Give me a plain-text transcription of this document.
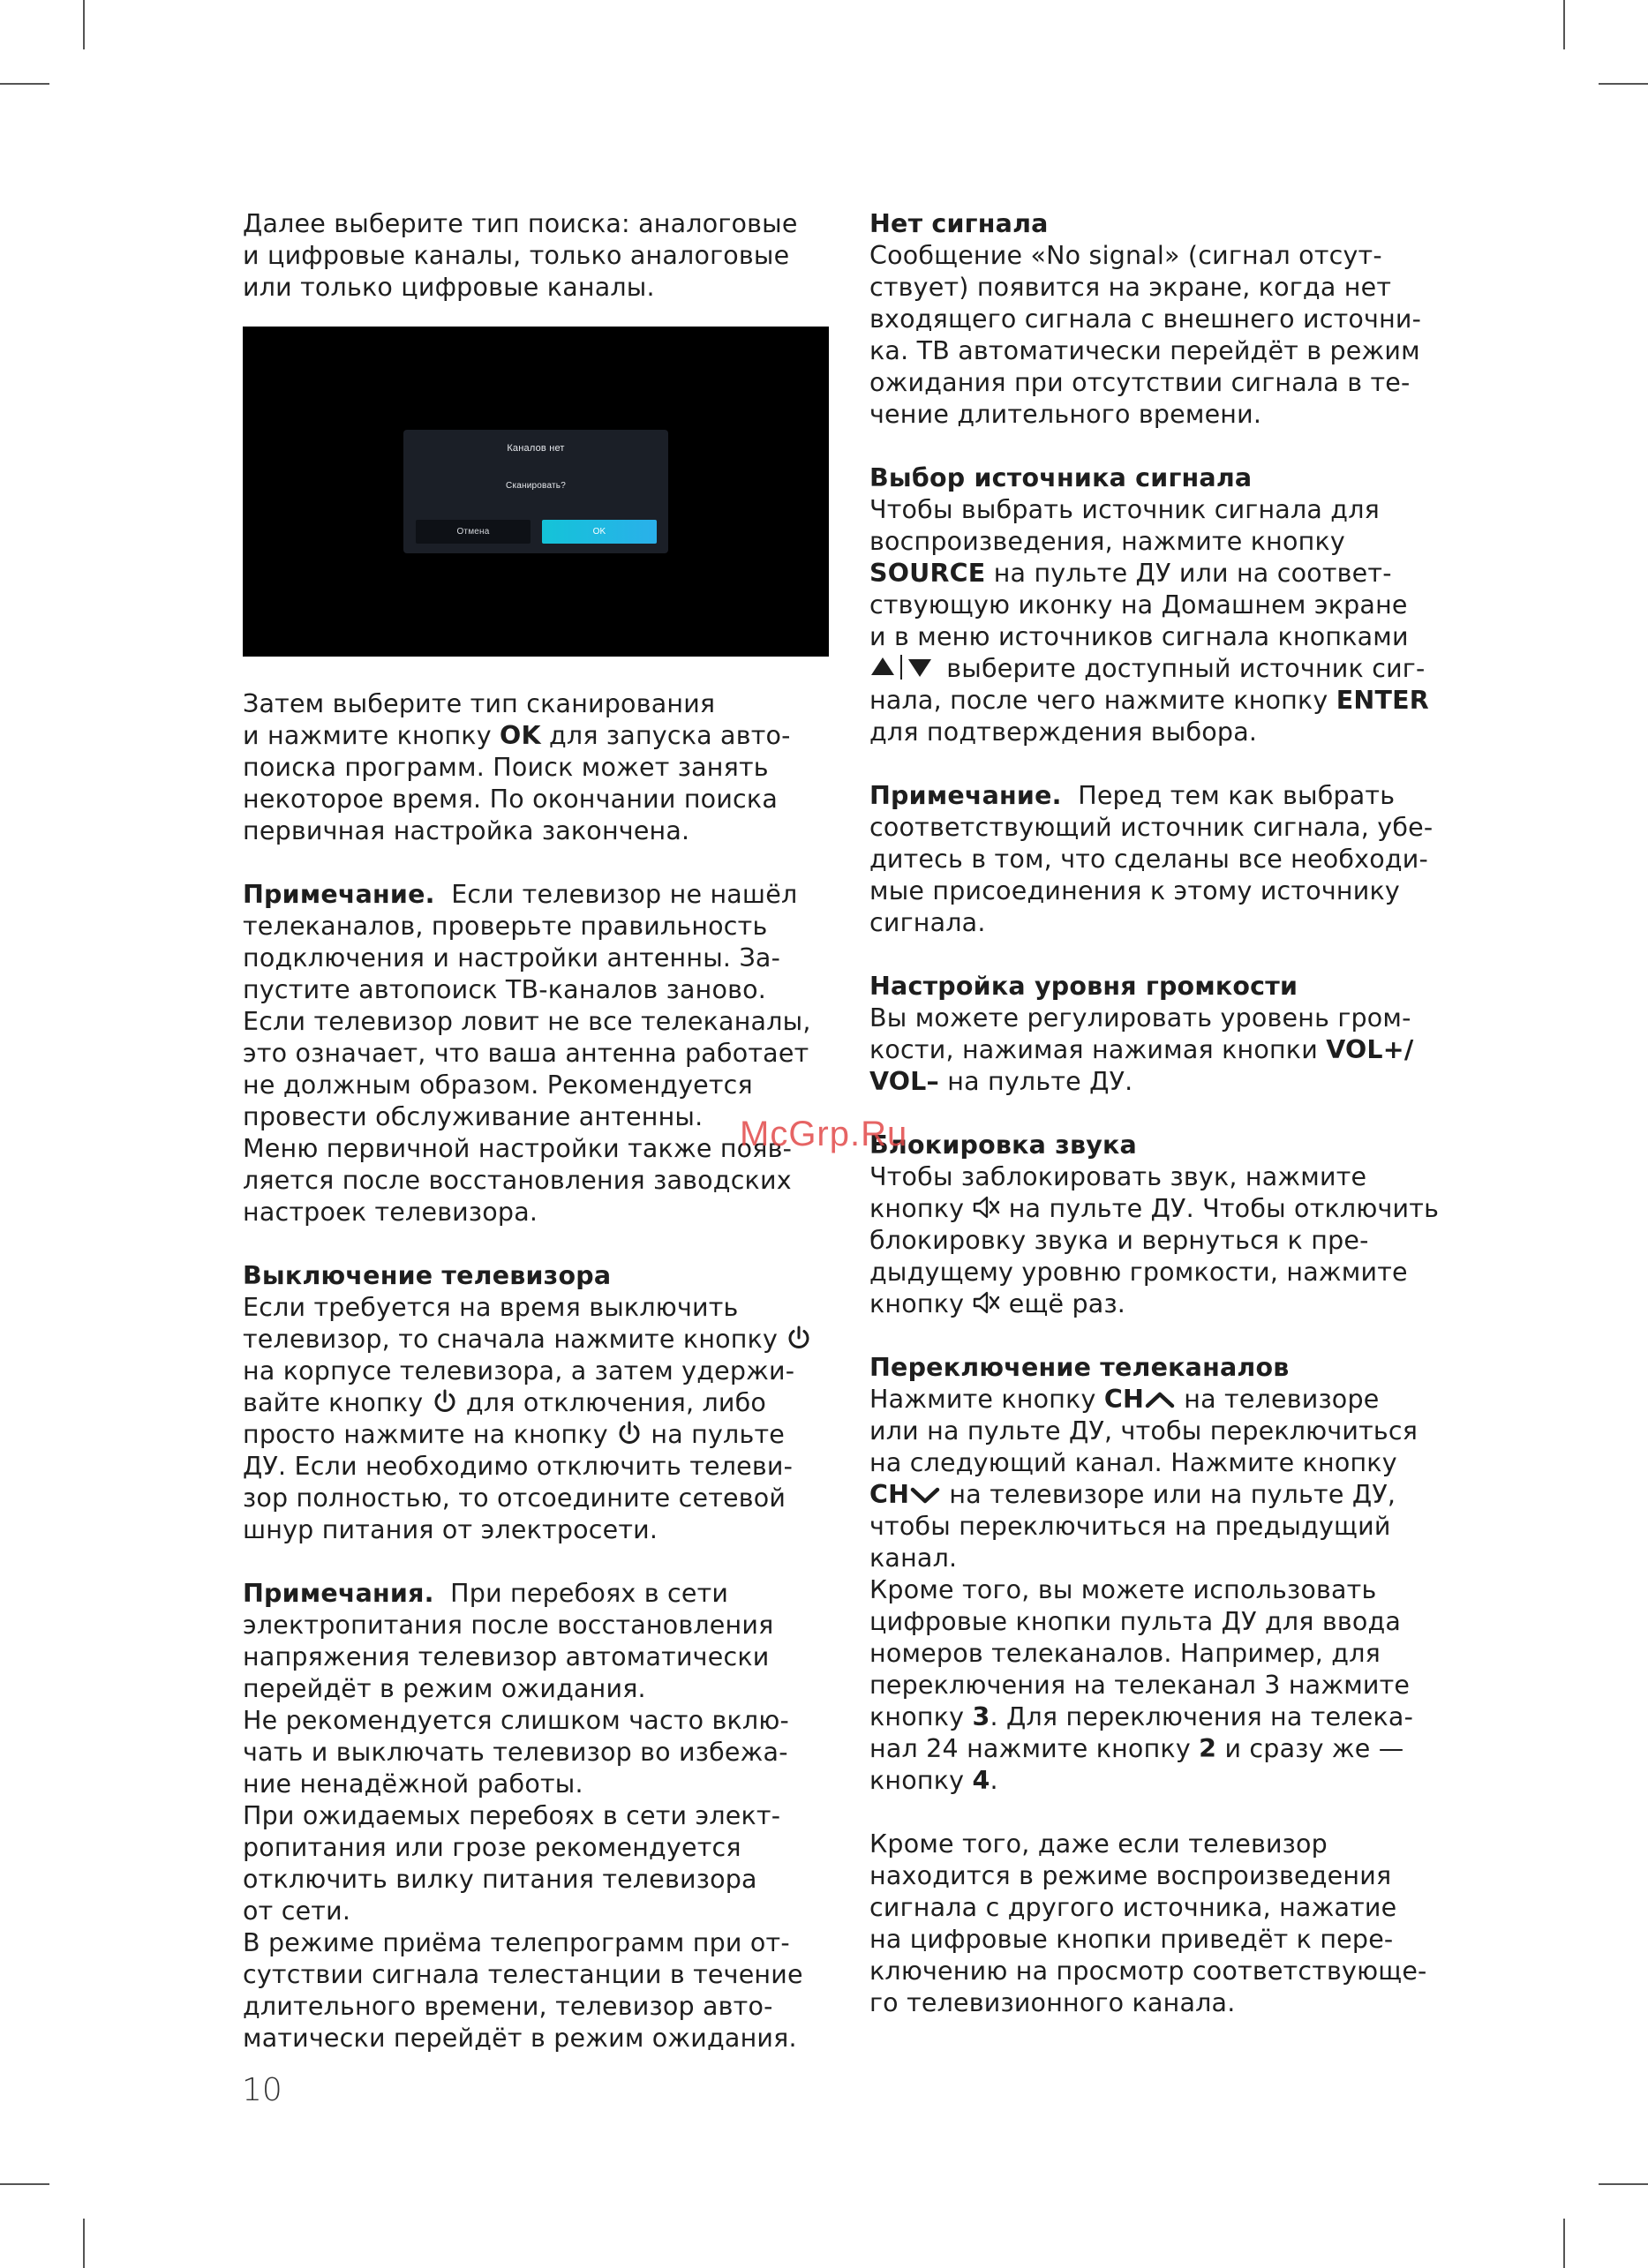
Далее выберите тип поиска: аналоговые

и цифровые каналы, только аналоговые

или только цифровые каналы.

Каналов нет
Сканировать?
Отмена	OK

Затем выберите тип сканирования

и нажмите кнопку OK для запуска авто-

поиска программ. Поиск может занять

некоторое время. По окончании поиска

первичная настройка закончена.

Примечание.  Если телевизор не нашёл

телеканалов, проверьте правильность

подключения и настройки антенны. За-

пустите автопоиск ТВ-каналов заново.

Если телевизор ловит не все телеканалы,

это означает, что ваша антенна работает

не должным образом. Рекомендуется

провести обслуживание антенны.

Меню первичной настройки также появ-

ляется после восстановления заводских

настроек телевизора.

Выключение телевизора

Если требуется на время выключить

телевизор, то сначала нажмите кнопку

на корпусе телевизора, а затем удержи-

вайте кнопку  для отключения, либо

просто нажмите на кнопку  на пульте

ДУ. Если необходимо отключить телеви-

зор полностью, то отсоедините сетевой

шнур питания от электросети.

Примечания.  При перебоях в сети

электропитания после восстановления

напряжения телевизор автоматически

перейдёт в режим ожидания.

Не рекомендуется слишком часто вклю-

чать и выключать телевизор во избежа-

ние ненадёжной работы.

При ожидаемых перебоях в сети элект-

ропитания или грозе рекомендуется

отключить вилку питания телевизора

от сети.

В режиме приёма телепрограмм при от-

сутствии сигнала телестанции в течение

длительного времени, телевизор авто-

матически перейдёт в режим ожидания.

Нет сигнала

Сообщение «No signal» (сигнал отсут-

ствует) появится на экране, когда нет

входящего сигнала с внешнего источни-

ка. ТВ автоматически перейдёт в режим

ожидания при отсутствии сигнала в те-

чение длительного времени.

Выбор источника сигнала

Чтобы выбрать источник сигнала для

воспроизведения, нажмите кнопку

SOURCE на пульте ДУ или на соответ-

ствующую иконку на Домашнем экране

и в меню источников сигнала кнопками

выберите доступный источник сиг-

нала, после чего нажмите кнопку ENTER

для подтверждения выбора.

Примечание.  Перед тем как выбрать

соответствующий источник сигнала, убе-

дитесь в том, что сделаны все необходи-

мые присоединения к этому источнику

сигнала.

Настройка уровня громкости

Вы можете регулировать уровень гром-

кости, нажимая нажимая кнопки VOL+/

VOL– на пульте ДУ.

Блокировка звука

Чтобы заблокировать звук, нажмите

кнопку  на пульте ДУ. Чтобы отключить

блокировку звука и вернуться к пре-

дыдущему уровню громкости, нажмите

кнопку  ещё раз.

Переключение телеканалов

Нажмите кнопку CH на телевизоре

или на пульте ДУ, чтобы переключиться

на следующий канал. Нажмите кнопку

CH на телевизоре или на пульте ДУ,

чтобы переключиться на предыдущий

канал.

Кроме того, вы можете использовать

цифровые кнопки пульта ДУ для ввода

номеров телеканалов. Например, для

переключения на телеканал 3 нажмите

кнопку 3. Для переключения на телека-

нал 24 нажмите кнопку 2 и сразу же —

кнопку 4.

Кроме того, даже если телевизор

находится в режиме воспроизведения

сигнала с другого источника, нажатие

на цифровые кнопки приведёт к пере-

ключению на просмотр соответствующе-

го телевизионного канала.

McGrp.Ru
10
